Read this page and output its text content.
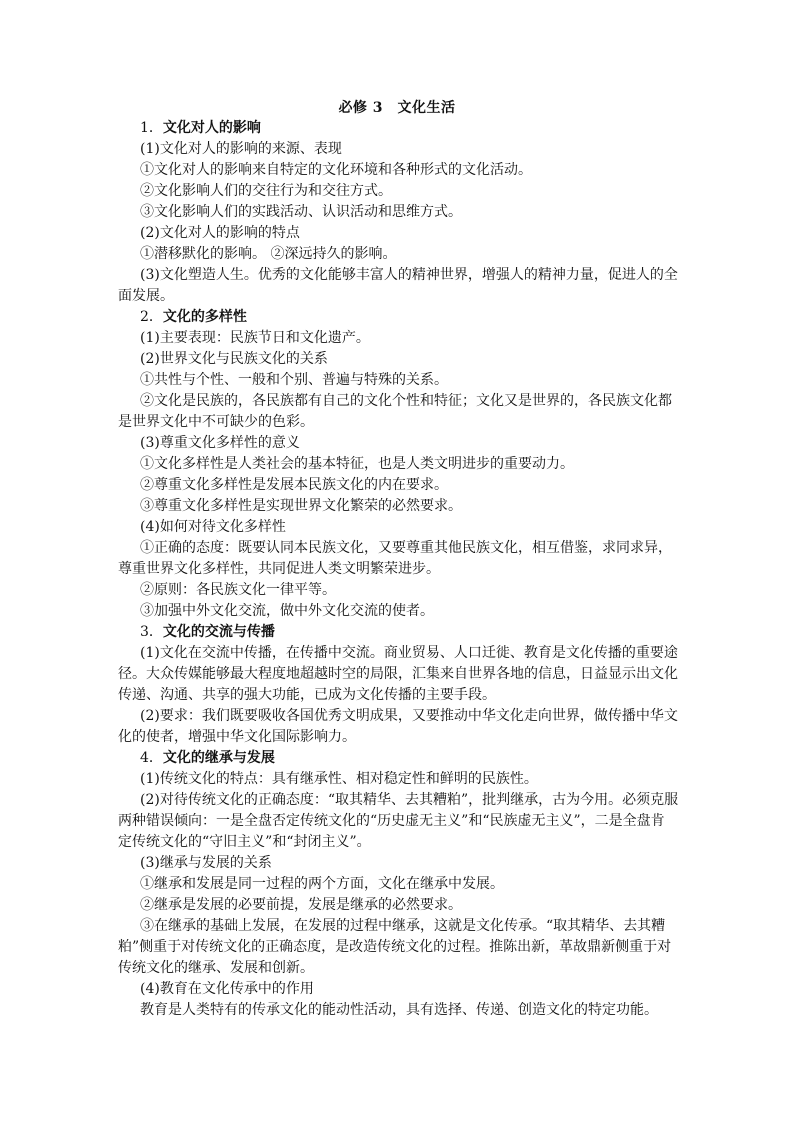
必修 3　文化生活
1．文化对人的影响
(1)文化对人的影响的来源、表现
①文化对人的影响来自特定的文化环境和各种形式的文化活动。
②文化影响人们的交往行为和交往方式。
③文化影响人们的实践活动、认识活动和思维方式。
(2)文化对人的影响的特点
①潜移默化的影响。 ②深远持久的影响。
(3)文化塑造人生。优秀的文化能够丰富人的精神世界，增强人的精神力量，促进人的全
面发展。
2．文化的多样性
(1)主要表现：民族节日和文化遗产。
(2)世界文化与民族文化的关系
①共性与个性、一般和个别、普遍与特殊的关系。
②文化是民族的，各民族都有自己的文化个性和特征；文化又是世界的，各民族文化都
是世界文化中不可缺少的色彩。
(3)尊重文化多样性的意义
①文化多样性是人类社会的基本特征，也是人类文明进步的重要动力。
②尊重文化多样性是发展本民族文化的内在要求。
③尊重文化多样性是实现世界文化繁荣的必然要求。
(4)如何对待文化多样性
①正确的态度：既要认同本民族文化，又要尊重其他民族文化，相互借鉴，求同求异，
尊重世界文化多样性，共同促进人类文明繁荣进步。
②原则：各民族文化一律平等。
③加强中外文化交流，做中外文化交流的使者。
3．文化的交流与传播
(1)文化在交流中传播，在传播中交流。商业贸易、人口迁徙、教育是文化传播的重要途
径。大众传媒能够最大程度地超越时空的局限，汇集来自世界各地的信息，日益显示出文化
传递、沟通、共享的强大功能，已成为文化传播的主要手段。
(2)要求：我们既要吸收各国优秀文明成果，又要推动中华文化走向世界，做传播中华文
化的使者，增强中华文化国际影响力。
4．文化的继承与发展
(1)传统文化的特点：具有继承性、相对稳定性和鲜明的民族性。
(2)对待传统文化的正确态度：“取其精华、去其糟粕”，批判继承，古为今用。必须克服
两种错误倾向：一是全盘否定传统文化的“历史虚无主义”和“民族虚无主义”，二是全盘肯
定传统文化的“守旧主义”和“封闭主义”。
(3)继承与发展的关系
①继承和发展是同一过程的两个方面，文化在继承中发展。
②继承是发展的必要前提，发展是继承的必然要求。
③在继承的基础上发展，在发展的过程中继承，这就是文化传承。“取其精华、去其糟
粕”侧重于对传统文化的正确态度，是改造传统文化的过程。推陈出新，革故鼎新侧重于对
传统文化的继承、发展和创新。
(4)教育在文化传承中的作用
教育是人类特有的传承文化的能动性活动，具有选择、传递、创造文化的特定功能。
